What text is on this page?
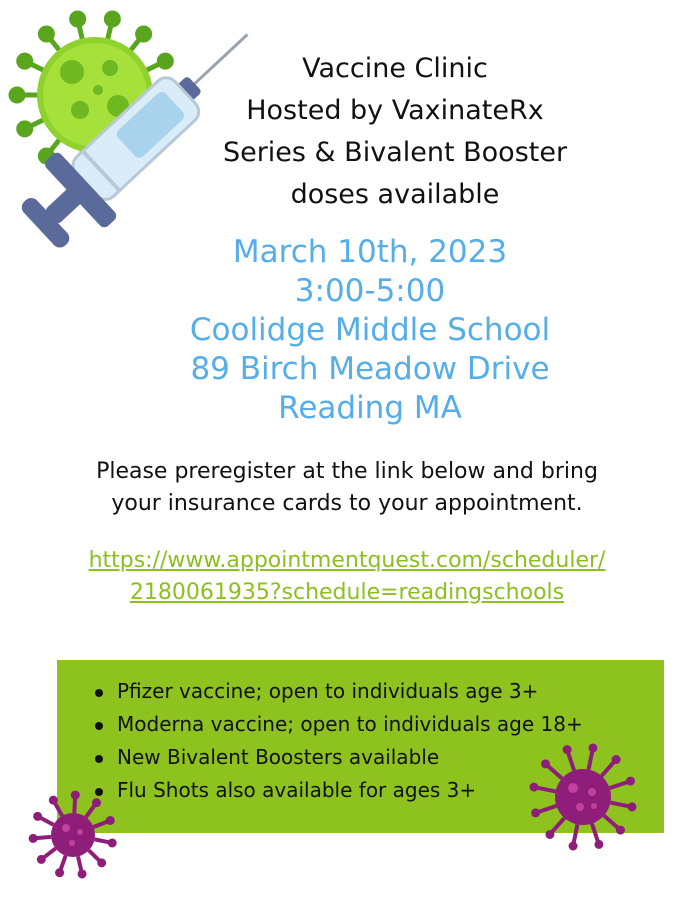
Vaccine Clinic
Hosted by VaxinateRx
Series & Bivalent Booster
doses available
March 10th, 2023
3:00-5:00
Coolidge Middle School
89 Birch Meadow Drive
Reading MA
Please preregister at the link below and bring
your insurance cards to your appointment.
https://www.appointmentquest.com/scheduler/
2180061935?schedule=readingschools
Pfizer vaccine; open to individuals age 3+
Moderna vaccine; open to individuals age 18+
New Bivalent Boosters available
Flu Shots also available for ages 3+
